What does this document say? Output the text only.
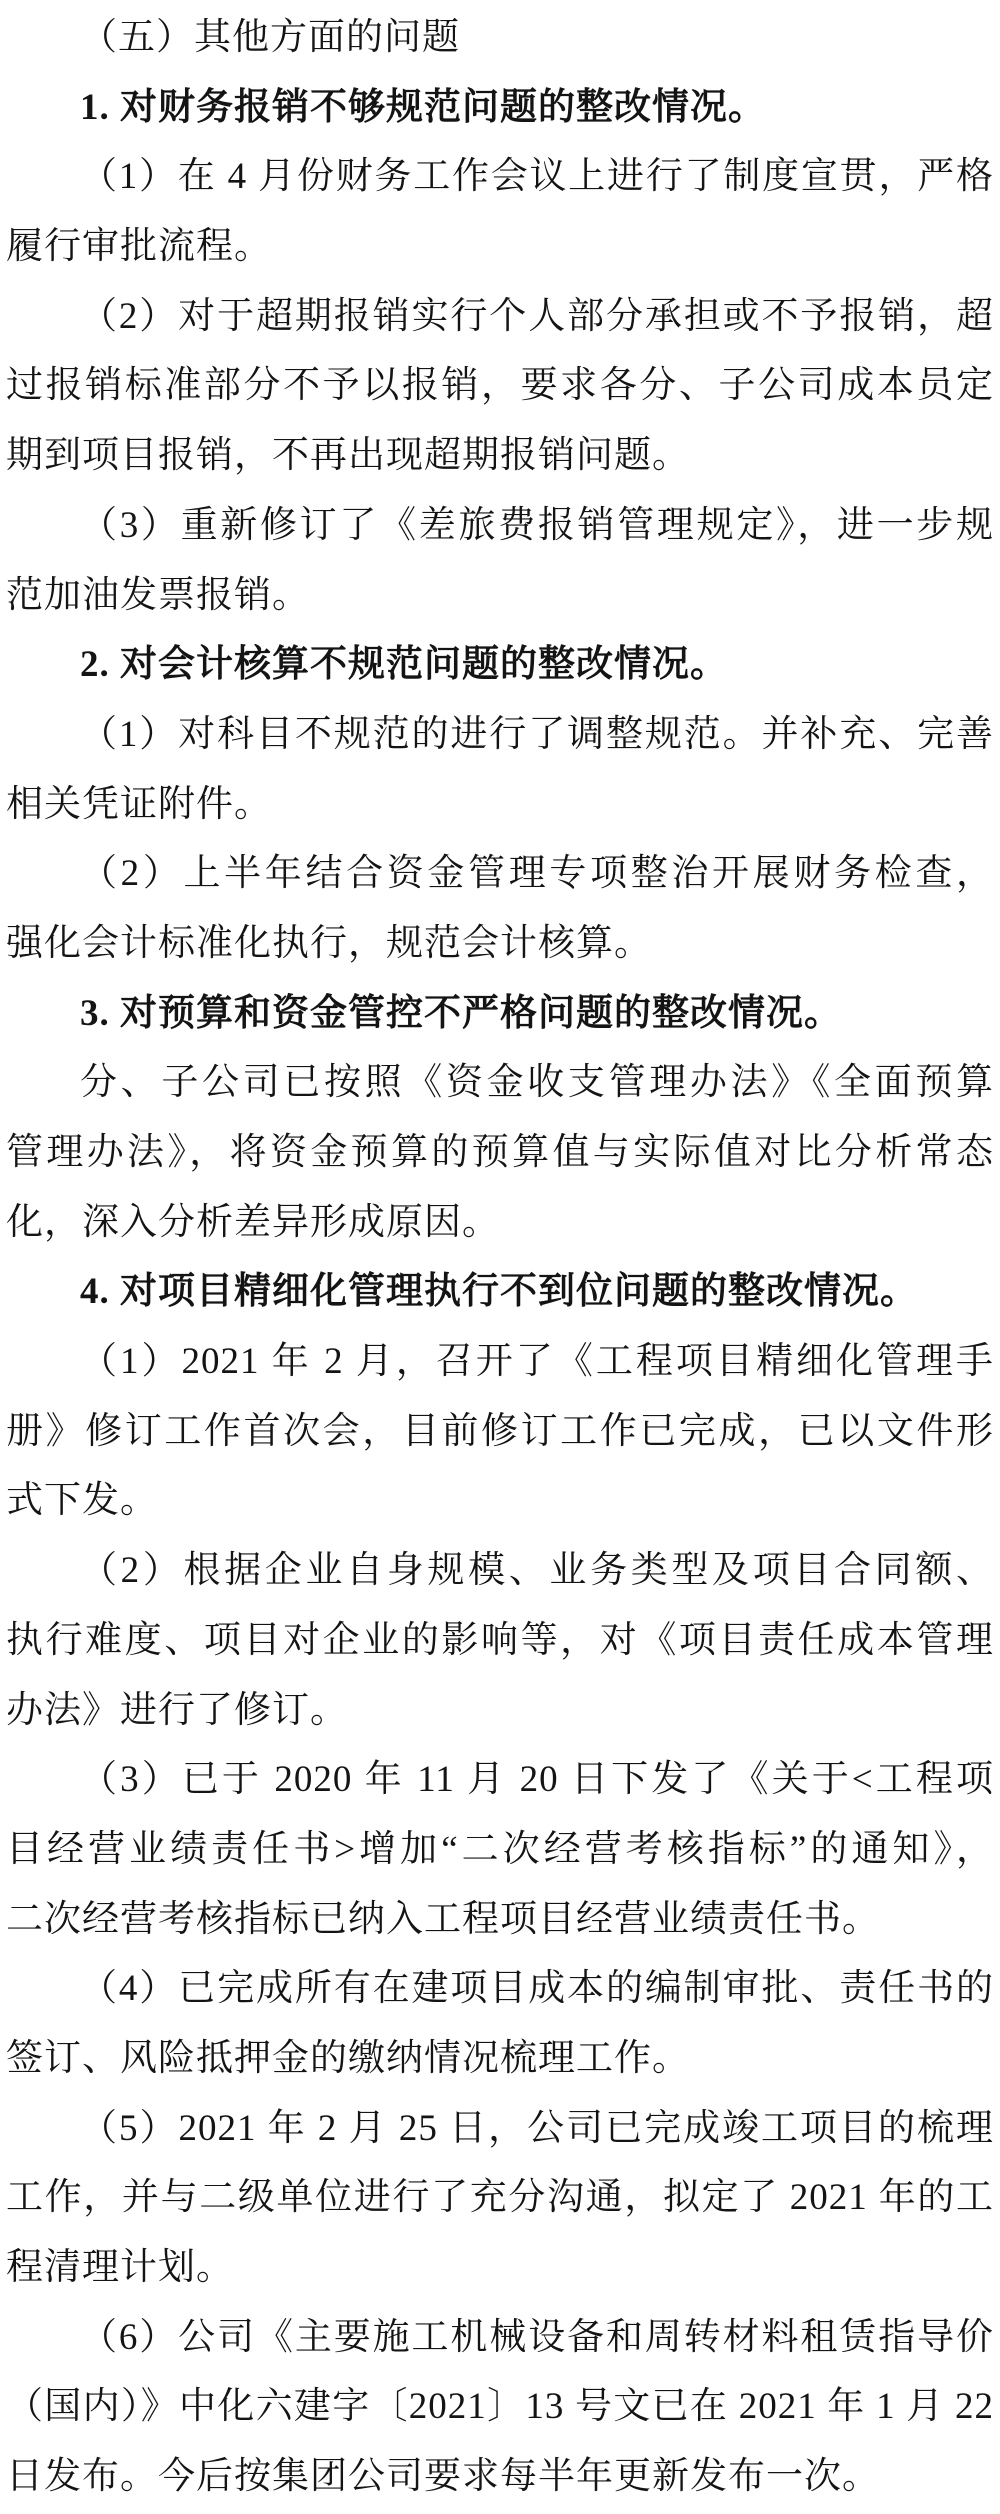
（五）其他方面的问题
1. 对财务报销不够规范问题的整改情况。
（1）在 4 月份财务工作会议上进行了制度宣贯，严格
履行审批流程。
（2）对于超期报销实行个人部分承担或不予报销，超
过报销标准部分不予以报销，要求各分、子公司成本员定
期到项目报销，不再出现超期报销问题。
（3）重新修订了《差旅费报销管理规定》，进一步规
范加油发票报销。
2. 对会计核算不规范问题的整改情况。
（1）对科目不规范的进行了调整规范。并补充、完善
相关凭证附件。
（2）上半年结合资金管理专项整治开展财务检查，
强化会计标准化执行，规范会计核算。
3. 对预算和资金管控不严格问题的整改情况。
分、子公司已按照《资金收支管理办法》《全面预算
管理办法》，将资金预算的预算值与实际值对比分析常态
化，深入分析差异形成原因。
4. 对项目精细化管理执行不到位问题的整改情况。
（1）2021 年 2 月，召开了《工程项目精细化管理手
册》修订工作首次会，目前修订工作已完成，已以文件形
式下发。
（2）根据企业自身规模、业务类型及项目合同额、
执行难度、项目对企业的影响等，对《项目责任成本管理
办法》进行了修订。
（3）已于 2020 年 11 月 20 日下发了《关于<工程项
目经营业绩责任书>增加“二次经营考核指标”的通知》，
二次经营考核指标已纳入工程项目经营业绩责任书。
（4）已完成所有在建项目成本的编制审批、责任书的
签订、风险抵押金的缴纳情况梳理工作。
（5）2021 年 2 月 25 日，公司已完成竣工项目的梳理
工作，并与二级单位进行了充分沟通，拟定了 2021 年的工
程清理计划。
（6）公司《主要施工机械设备和周转材料租赁指导价
（国内）》中化六建字〔2021〕13 号文已在 2021 年 1 月 22
日发布。今后按集团公司要求每半年更新发布一次。
